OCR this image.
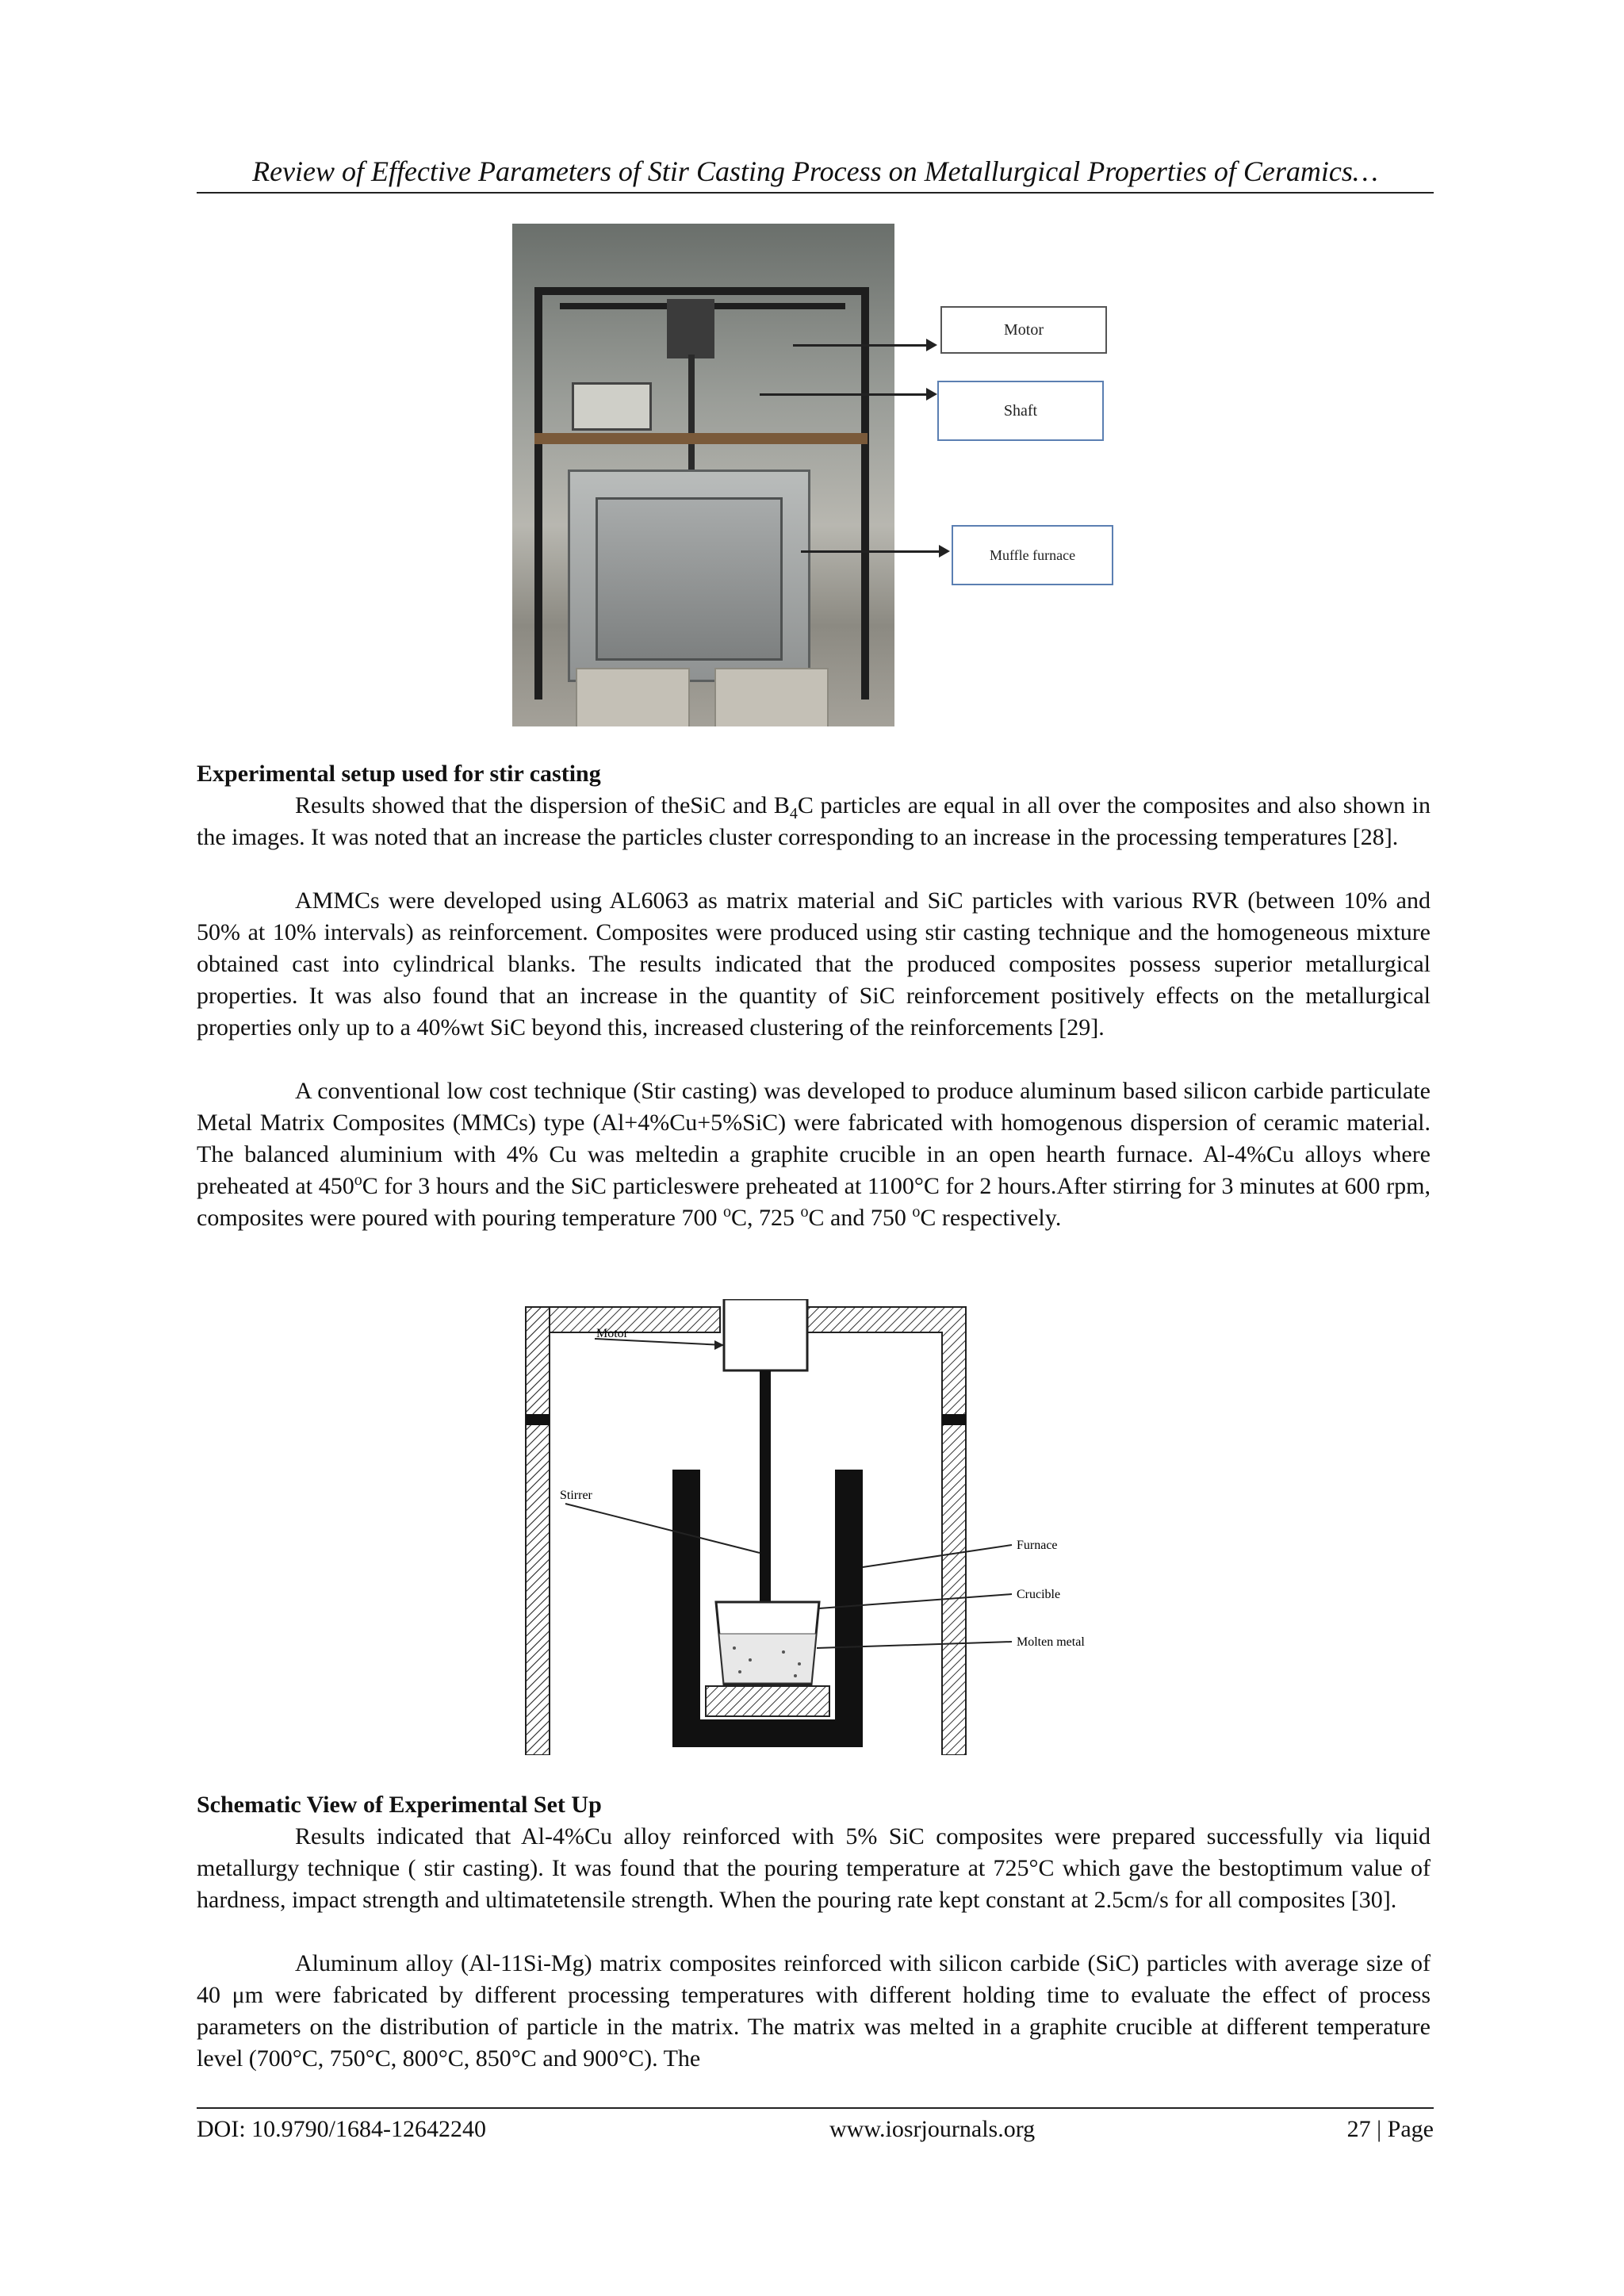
Review of Effective Parameters of Stir Casting Process on Metallurgical Properties of Ceramics…
Motor
Shaft
Muffle furnace
Experimental setup used for stir casting

Results showed that the dispersion of theSiC and $B_4C$ particles are equal in all over the composites and also shown in the images. It was noted that an increase the particles cluster corresponding to an increase in the processing temperatures [28].

AMMCs were developed using AL6063 as matrix material and SiC particles with various RVR (between 10% and 50% at 10% intervals) as reinforcement. Composites were produced using stir casting technique and the homogeneous mixture obtained cast into cylindrical blanks. The results indicated that the produced composites possess superior metallurgical properties. It was also found that an increase in the quantity of SiC reinforcement positively effects on the metallurgical properties only up to a 40%wt SiC beyond this, increased clustering of the reinforcements [29].

A conventional low cost technique (Stir casting) was developed to produce aluminum based silicon carbide particulate Metal Matrix Composites (MMCs) type (Al+4%Cu+5%SiC) were fabricated with homogenous dispersion of ceramic material. The balanced aluminium with 4% Cu was meltedin a graphite crucible in an open hearth furnace. Al-4%Cu alloys where preheated at 450$^o$C for 3 hours and the SiC particleswere preheated at 1100°C for 2 hours.After stirring for 3 minutes at 600 rpm, composites were poured with pouring temperature 700 $^o$C, 725 $^o$C and 750 $^o$C respectively.

Motor
Stirrer
Furnace
Crucible
Molten metal
Schematic View of Experimental Set Up

Results indicated that Al-4%Cu alloy reinforced with 5% SiC composites were prepared successfully via liquid metallurgy technique ( stir casting). It was found that the pouring temperature at 725°C which gave the bestoptimum value of hardness, impact strength and ultimatetensile strength. When the pouring rate kept constant at 2.5cm/s for all composites [30].

Aluminum alloy (Al-11Si-Mg) matrix composites reinforced with silicon carbide (SiC) particles with average size of 40 μm were fabricated by different processing temperatures with different holding time to evaluate the effect of process parameters on the distribution of particle in the matrix. The matrix was melted in a graphite crucible at different temperature level (700°C, 750°C, 800°C, 850°C and 900°C). The

DOI: 10.9790/1684-12642240	www.iosrjournals.org	27 | Page
